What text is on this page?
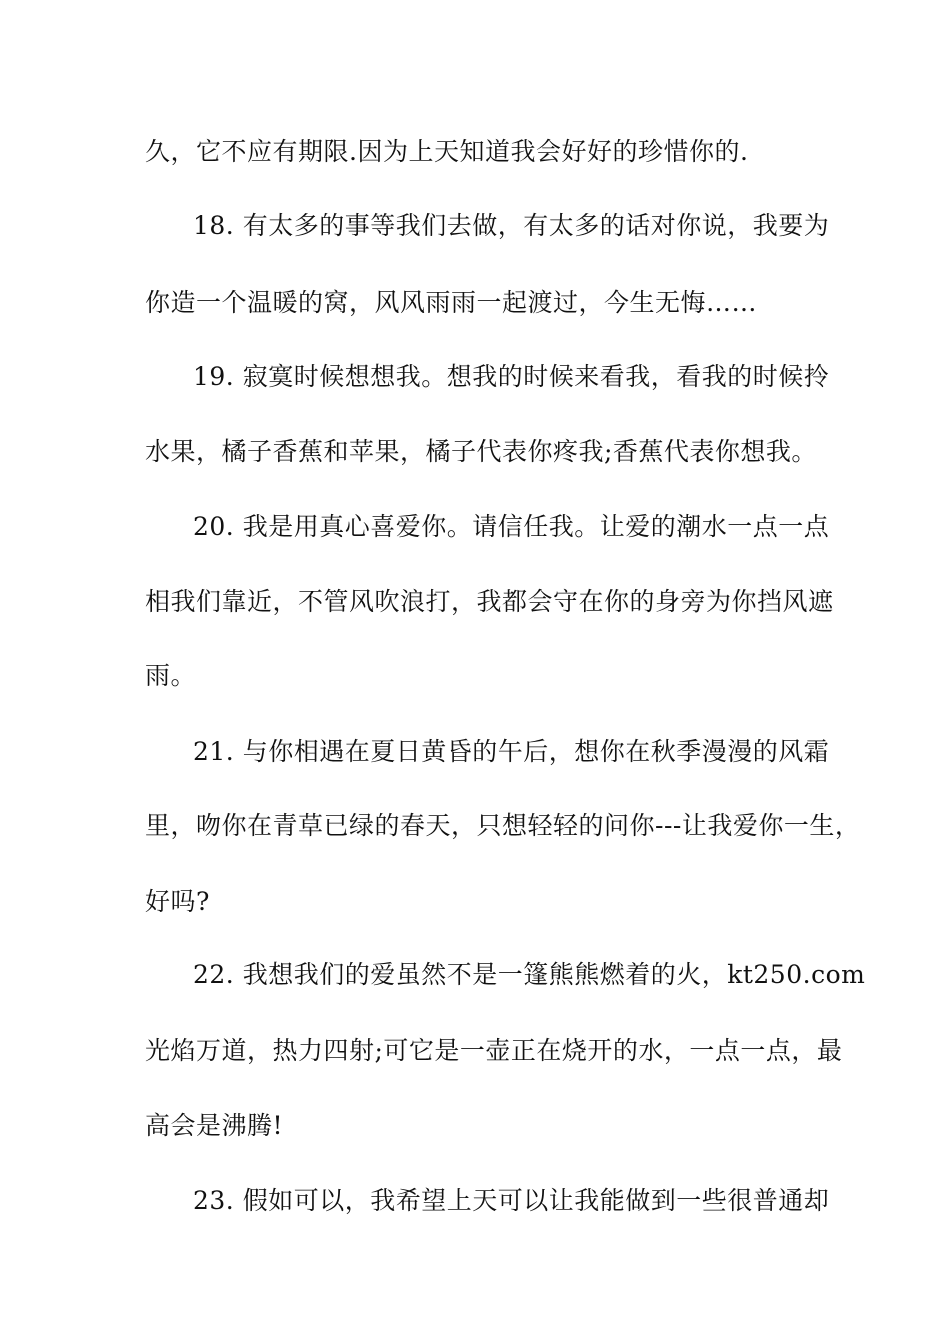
久，它不应有期限.因为上天知道我会好好的珍惜你的.
18. 有太多的事等我们去做，有太多的话对你说，我要为
你造一个温暖的窝，风风雨雨一起渡过，今生无悔……
19. 寂寞时候想想我。想我的时候来看我，看我的时候拎
水果，橘子香蕉和苹果，橘子代表你疼我;香蕉代表你想我。
20. 我是用真心喜爱你。请信任我。让爱的潮水一点一点
相我们靠近，不管风吹浪打，我都会守在你的身旁为你挡风遮
雨。
21. 与你相遇在夏日黄昏的午后，想你在秋季漫漫的风霜
里，吻你在青草已绿的春天，只想轻轻的问你---让我爱你一生，
好吗?
22. 我想我们的爱虽然不是一篷熊熊燃着的火，kt250.com
光焰万道，热力四射;可它是一壶正在烧开的水，一点一点，最
高会是沸腾!
23. 假如可以，我希望上天可以让我能做到一些很普通却
